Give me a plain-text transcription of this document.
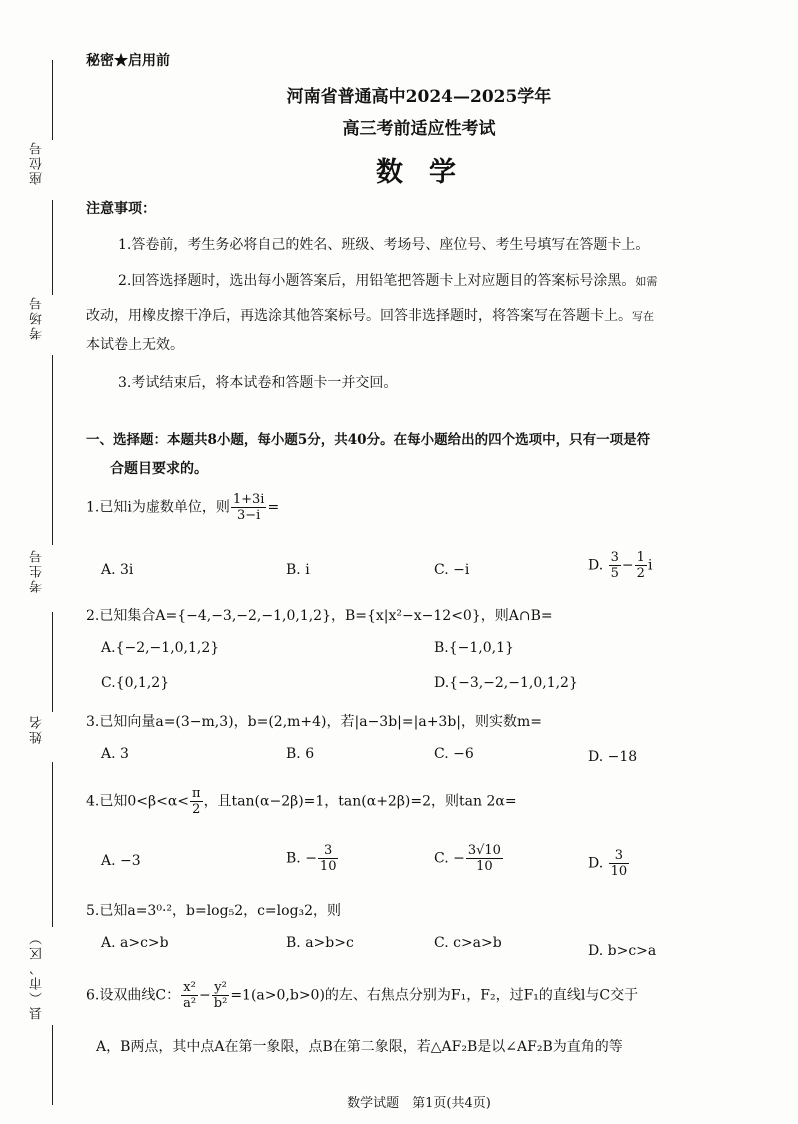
座位号
考场号
考生号
姓名
县（市、区）
秘密★启用前
河南省普通高中2024—2025学年
高三考前适应性考试
数学
注意事项：
1.答卷前，考生务必将自己的姓名、班级、考场号、座位号、考生号填写在答题卡上。
2.回答选择题时，选出每小题答案后，用铅笔把答题卡上对应题目的答案标号涂黑。如需
改动，用橡皮擦干净后，再选涂其他答案标号。回答非选择题时，将答案写在答题卡上。写在
本试卷上无效。
3.考试结束后，将本试卷和答题卡一并交回。
一、选择题：本题共8小题，每小题5分，共40分。在每小题给出的四个选项中，只有一项是符
合题目要求的。
1.已知i为虚数单位，则 $\frac{1+3i}{3-i}$ =
A. 3i	B. i	C. −i	D. $\frac{3}{5} - \frac{1}{2}$ i
2.已知集合A={−4,−3,−2,−1,0,1,2}，B={x|x²−x−12<0}，则A∩B=
A.{−2,−1,0,1,2}	B.{−1,0,1}
C.{0,1,2}	D.{−3,−2,−1,0,1,2}
3.已知向量a=(3−m,3)，b=(2,m+4)，若|a−3b|=|a+3b|，则实数m=
A. 3	B. 6	C. −6	D. −18
4.已知$0<\beta<\alpha< \frac{\pi}{2}$ ，且tan(α−2β)=1，tan(α+2β)=2，则tan 2α=
A. −3	B. − $\frac{3}{10}$	C. − $\frac{3√10}{10}$	D. $\frac{3}{10}$
5.已知a=3⁰·²，b=log₅2，c=log₃2，则
A. a>c>b	B. a>b>c	C. c>a>b	D. b>c>a
6.设双曲线C： $\frac{\text{x²}}{\text{a²}} - \frac{\text{y²}}{\text{b²}} =1(a>0,b>0)$的左、右焦点分别为F₁，F₂，过F₁的直线l与C交于
A，B两点，其中点A在第一象限，点B在第二象限，若△AF₂B是以∠AF₂B为直角的等
数学试题　第1页(共4页)
